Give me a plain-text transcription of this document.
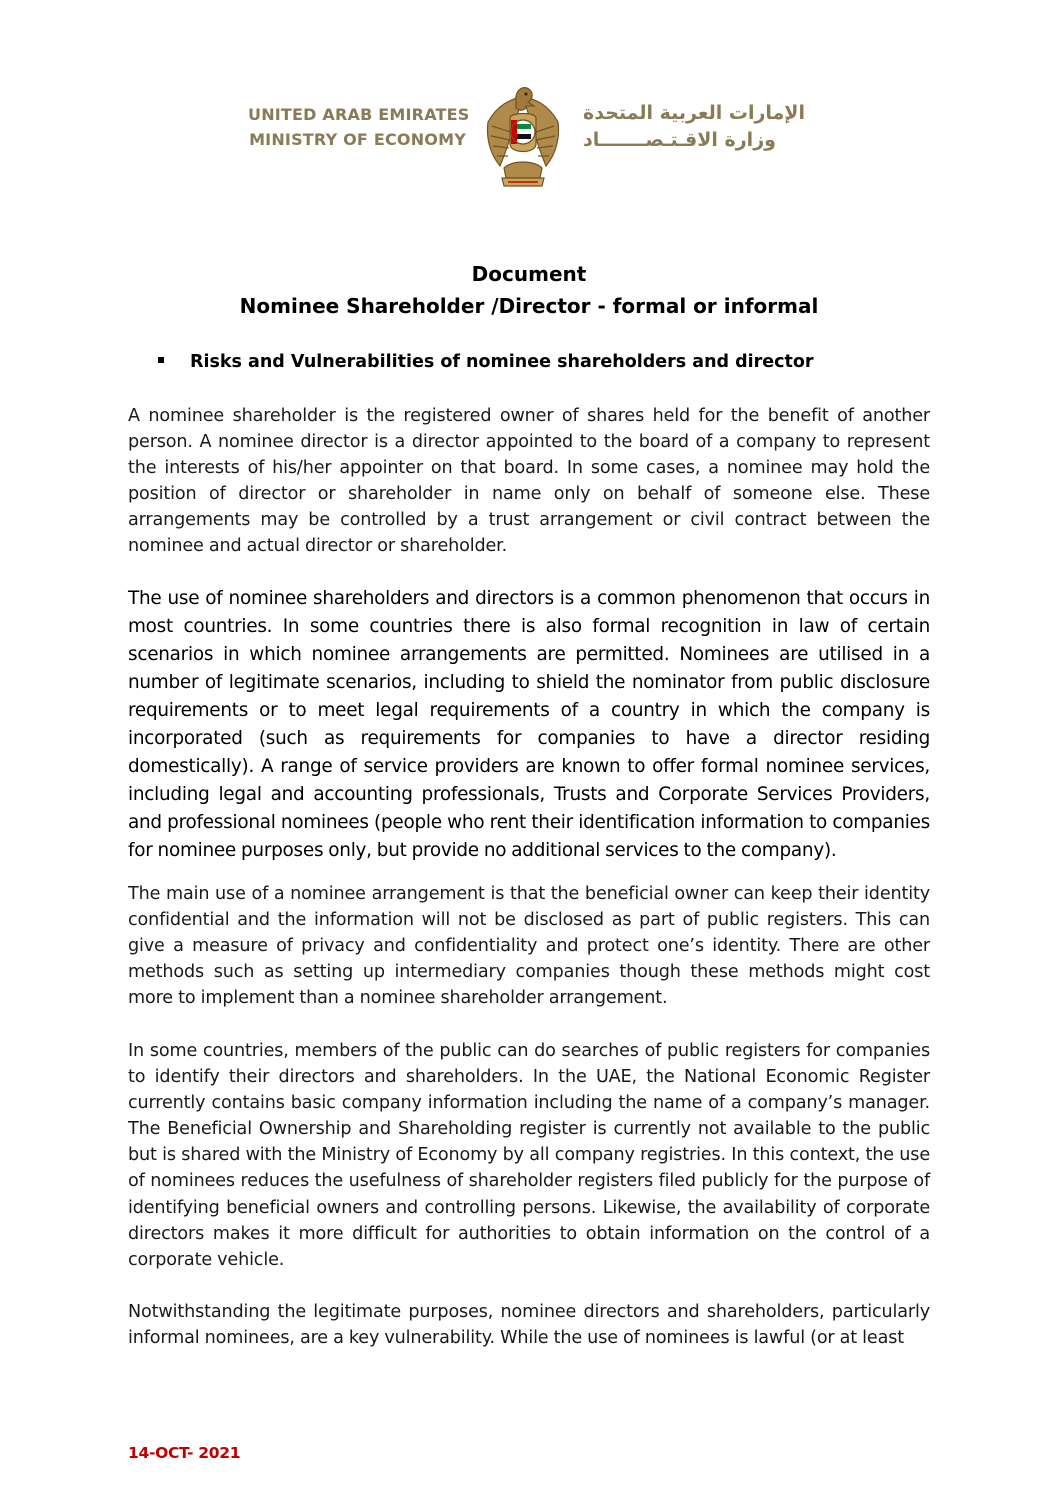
UNITED ARAB EMIRATES
MINISTRY OF ECONOMY
الإمارات العربية المتحدة
وزارة الاقـتـصـــــــاد
Document
Nominee Shareholder /Director - formal or informal
Risks and Vulnerabilities of nominee shareholders and director
A nominee shareholder is the registered owner of shares held for the benefit of another person. A nominee director is a director appointed to the board of a company to represent the interests of his/her appointer on that board. In some cases, a nominee may hold the position of director or shareholder in name only on behalf of someone else. These arrangements may be controlled by a trust arrangement or civil contract between the nominee and actual director or shareholder.
The use of nominee shareholders and directors is a common phenomenon that occurs in most countries. In some countries there is also formal recognition in law of certain scenarios in which nominee arrangements are permitted. Nominees are utilised in a number of legitimate scenarios, including to shield the nominator from public disclosure requirements or to meet legal requirements of a country in which the company is incorporated (such as requirements for companies to have a director residing domestically). A range of service providers are known to offer formal nominee services, including legal and accounting professionals, Trusts and Corporate Services Providers, and professional nominees (people who rent their identification information to companies for nominee purposes only, but provide no additional services to the company).
The main use of a nominee arrangement is that the beneficial owner can keep their identity confidential and the information will not be disclosed as part of public registers. This can give a measure of privacy and confidentiality and protect one’s identity. There are other methods such as setting up intermediary companies though these methods might cost more to implement than a nominee shareholder arrangement.
In some countries, members of the public can do searches of public registers for companies to identify their directors and shareholders. In the UAE, the National Economic Register currently contains basic company information including the name of a company’s manager. The Beneficial Ownership and Shareholding register is currently not available to the public but is shared with the Ministry of Economy by all company registries. In this context, the use of nominees reduces the usefulness of shareholder registers filed publicly for the purpose of identifying beneficial owners and controlling persons. Likewise, the availability of corporate directors makes it more difficult for authorities to obtain information on the control of a corporate vehicle.
Notwithstanding the legitimate purposes, nominee directors and shareholders, particularly informal nominees, are a key vulnerability. While the use of nominees is lawful (or at least
14-OCT- 2021
